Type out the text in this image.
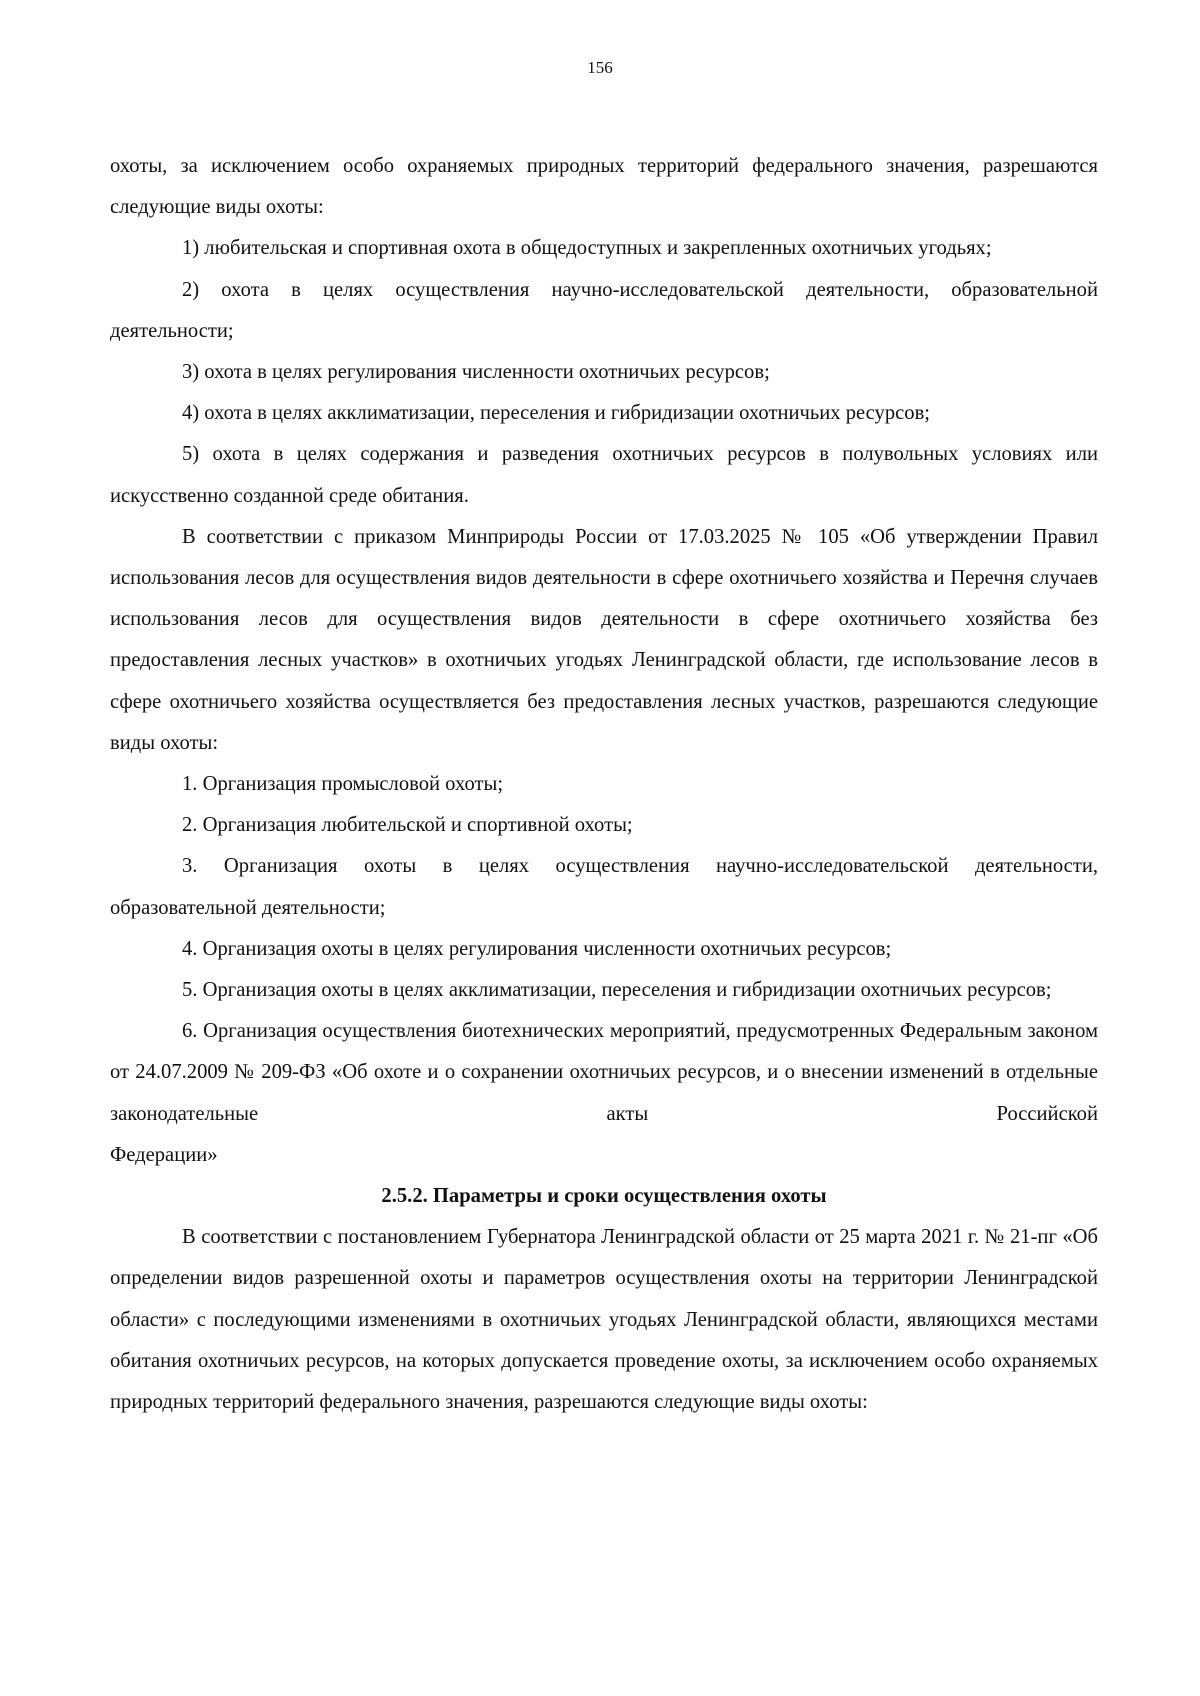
156

охоты, за исключением особо охраняемых природных территорий федерального значения, разрешаются следующие виды охоты:

1) любительская и спортивная охота в общедоступных и закрепленных охотничьих угодьях;

2) охота в целях осуществления научно-исследовательской деятельности, образовательной деятельности;

3) охота в целях регулирования численности охотничьих ресурсов;

4) охота в целях акклиматизации, переселения и гибридизации охотничьих ресурсов;

5) охота в целях содержания и разведения охотничьих ресурсов в полувольных условиях или искусственно созданной среде обитания.

В соответствии с приказом Минприроды России от 17.03.2025 № 105 «Об утверждении Правил использования лесов для осуществления видов деятельности в сфере охотничьего хозяйства и Перечня случаев использования лесов для осуществления видов деятельности в сфере охотничьего хозяйства без предоставления лесных участков» в охотничьих угодьях Ленинградской области, где использование лесов в сфере охотничьего хозяйства осуществляется без предоставления лесных участков, разрешаются следующие виды охоты:

1. Организация промысловой охоты;

2. Организация любительской и спортивной охоты;

3. Организация охоты в целях осуществления научно-исследовательской деятельности, образовательной деятельности;

4. Организация охоты в целях регулирования численности охотничьих ресурсов;

5. Организация охоты в целях акклиматизации, переселения и гибридизации охотничьих ресурсов;

6. Организация осуществления биотехнических мероприятий, предусмотренных Федеральным законом от 24.07.2009 № 209-ФЗ «Об охоте и о сохранении охотничьих ресурсов, и о внесении изменений в отдельные законодательные акты Российской

Федерации»

2.5.2. Параметры и сроки осуществления охоты

В соответствии с постановлением Губернатора Ленинградской области от 25 марта 2021 г. № 21-пг «Об определении видов разрешенной охоты и параметров осуществления охоты на территории Ленинградской области» с последующими изменениями в охотничьих угодьях Ленинградской области, являющихся местами обитания охотничьих ресурсов, на которых допускается проведение охоты, за исключением особо охраняемых природных территорий федерального значения, разрешаются следующие виды охоты:
